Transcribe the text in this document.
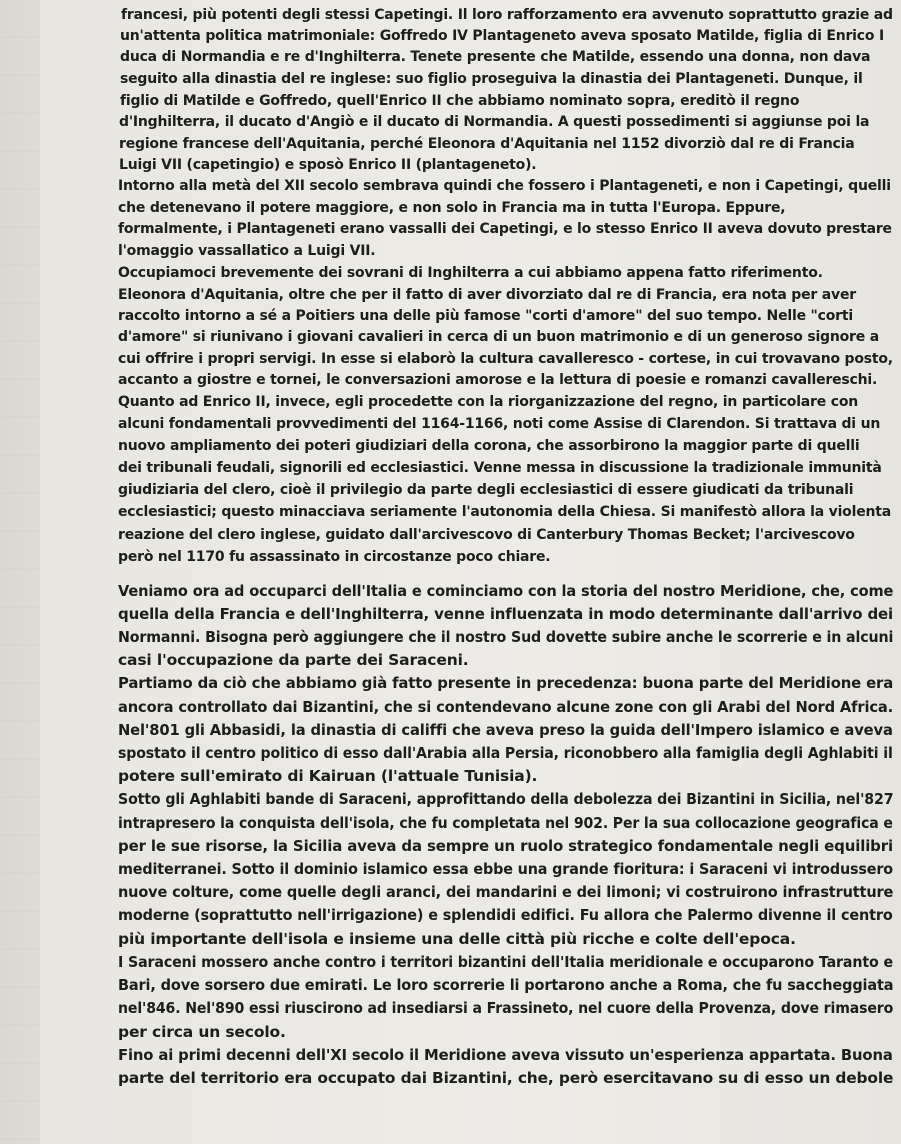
francesi, più potenti degli stessi Capetingi. Il loro rafforzamento era avvenuto soprattutto grazie ad
un'attenta politica matrimoniale: Goffredo IV Plantageneto aveva sposato Matilde, figlia di Enrico I
duca di Normandia e re d'Inghilterra. Tenete presente che Matilde, essendo una donna, non dava
seguito alla dinastia del re inglese: suo figlio proseguiva la dinastia dei Plantageneti. Dunque, il
figlio di Matilde e Goffredo, quell'Enrico II che abbiamo nominato sopra, ereditò il regno
d'Inghilterra, il ducato d'Angiò e il ducato di Normandia. A questi possedimenti si aggiunse poi la
regione francese dell'Aquitania, perché Eleonora d'Aquitania nel 1152 divorziò dal re di Francia
Luigi VII (capetingio) e sposò Enrico II (plantageneto).
Intorno alla metà del XII secolo sembrava quindi che fossero i Plantageneti, e non i Capetingi, quelli
che detenevano il potere maggiore, e non solo in Francia ma in tutta l'Europa. Eppure,
formalmente, i Plantageneti erano vassalli dei Capetingi, e lo stesso Enrico II aveva dovuto prestare
l'omaggio vassallatico a Luigi VII.
Occupiamoci brevemente dei sovrani di Inghilterra a cui abbiamo appena fatto riferimento.
Eleonora d'Aquitania, oltre che per il fatto di aver divorziato dal re di Francia, era nota per aver
raccolto intorno a sé a Poitiers una delle più famose "corti d'amore" del suo tempo. Nelle "corti
d'amore" si riunivano i giovani cavalieri in cerca di un buon matrimonio e di un generoso signore a
cui offrire i propri servigi. In esse si elaborò la cultura cavalleresco - cortese, in cui trovavano posto,
accanto a giostre e tornei, le conversazioni amorose e la lettura di poesie e romanzi cavallereschi.
Quanto ad Enrico II, invece, egli procedette con la riorganizzazione del regno, in particolare con
alcuni fondamentali provvedimenti del 1164-1166, noti come Assise di Clarendon. Si trattava di un
nuovo ampliamento dei poteri giudiziari della corona, che assorbirono la maggior parte di quelli
dei tribunali feudali, signorili ed ecclesiastici. Venne messa in discussione la tradizionale immunità
giudiziaria del clero, cioè il privilegio da parte degli ecclesiastici di essere giudicati da tribunali
ecclesiastici; questo minacciava seriamente l'autonomia della Chiesa. Si manifestò allora la violenta
reazione del clero inglese, guidato dall'arcivescovo di Canterbury Thomas Becket; l'arcivescovo
però nel 1170 fu assassinato in circostanze poco chiare.
Veniamo ora ad occuparci dell'Italia e cominciamo con la storia del nostro Meridione, che, come
quella della Francia e dell'Inghilterra, venne influenzata in modo determinante dall'arrivo dei
Normanni. Bisogna però aggiungere che il nostro Sud dovette subire anche le scorrerie e in alcuni
casi l'occupazione da parte dei Saraceni.
Partiamo da ciò che abbiamo già fatto presente in precedenza: buona parte del Meridione era
ancora controllato dai Bizantini, che si contendevano alcune zone con gli Arabi del Nord Africa.
Nel'801 gli Abbasidi, la dinastia di califfi che aveva preso la guida dell'Impero islamico e aveva
spostato il centro politico di esso dall'Arabia alla Persia, riconobbero alla famiglia degli Aghlabiti il
potere sull'emirato di Kairuan (l'attuale Tunisia).
Sotto gli Aghlabiti bande di Saraceni, approfittando della debolezza dei Bizantini in Sicilia, nel'827
intrapresero la conquista dell'isola, che fu completata nel 902. Per la sua collocazione geografica e
per le sue risorse, la Sicilia aveva da sempre un ruolo strategico fondamentale negli equilibri
mediterranei. Sotto il dominio islamico essa ebbe una grande fioritura: i Saraceni vi introdussero
nuove colture, come quelle degli aranci, dei mandarini e dei limoni; vi costruirono infrastrutture
moderne (soprattutto nell'irrigazione) e splendidi edifici. Fu allora che Palermo divenne il centro
più importante dell'isola e insieme una delle città più ricche e colte dell'epoca.
I Saraceni mossero anche contro i territori bizantini dell'Italia meridionale e occuparono Taranto e
Bari, dove sorsero due emirati. Le loro scorrerie li portarono anche a Roma, che fu saccheggiata
nel'846. Nel'890 essi riuscirono ad insediarsi a Frassineto, nel cuore della Provenza, dove rimasero
per circa un secolo.
Fino ai primi decenni dell'XI secolo il Meridione aveva vissuto un'esperienza appartata. Buona
parte del territorio era occupato dai Bizantini, che, però esercitavano su di esso un debole
